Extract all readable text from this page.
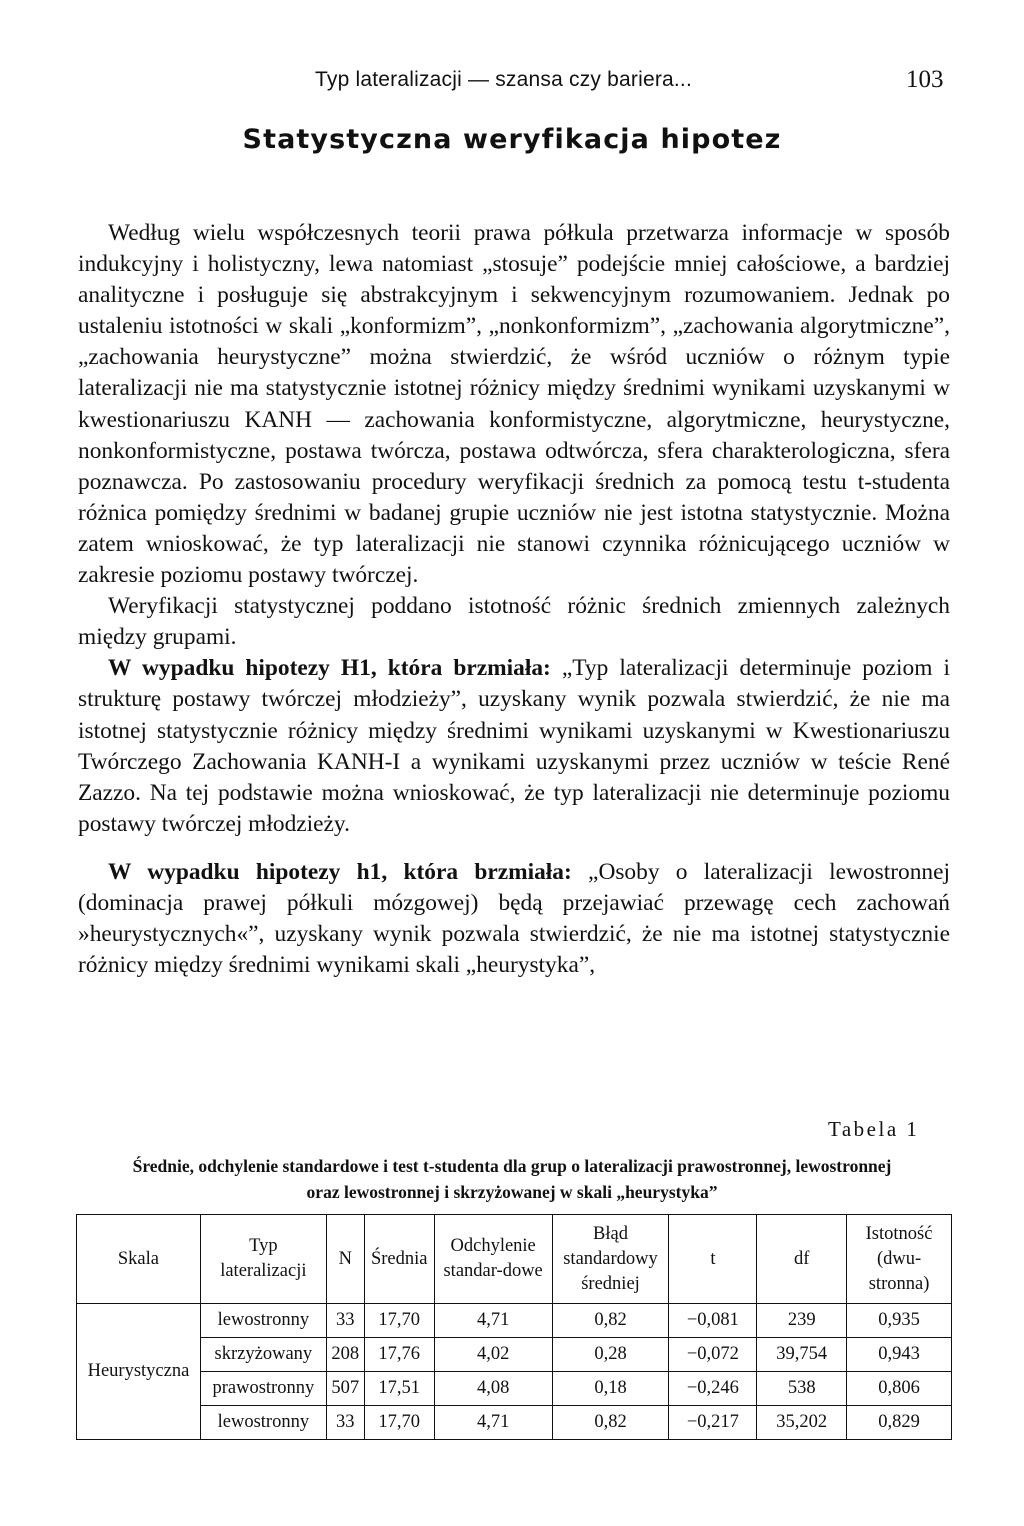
Typ lateralizacji — szansa czy bariera...	103
Statystyczna weryfikacja hipotez

Według wielu współczesnych teorii prawa półkula przetwarza informacje w sposób indukcyjny i holistyczny, lewa natomiast „stosuje” podejście mniej całościowe, a bardziej analityczne i posługuje się abstrakcyjnym i sekwencyjnym rozumowaniem. Jednak po ustaleniu istotności w skali „konformizm”, „nonkonformizm”, „zachowania algorytmiczne”, „zachowania heurystyczne” można stwierdzić, że wśród uczniów o różnym typie lateralizacji nie ma statystycznie istotnej różnicy między średnimi wynikami uzyskanymi w kwestionariuszu KANH — zachowania konformistyczne, algorytmiczne, heurystyczne, nonkonformistyczne, postawa twórcza, postawa odtwórcza, sfera charakterologiczna, sfera poznawcza. Po zastosowaniu procedury weryfikacji średnich za pomocą testu t-studenta różnica pomiędzy średnimi w badanej grupie uczniów nie jest istotna statystycznie. Można zatem wnioskować, że typ lateralizacji nie stanowi czynnika różnicującego uczniów w zakresie poziomu postawy twórczej.

Weryfikacji statystycznej poddano istotność różnic średnich zmiennych zależnych między grupami.

W wypadku hipotezy H1, która brzmiała: „Typ lateralizacji determinuje poziom i strukturę postawy twórczej młodzieży”, uzyskany wynik pozwala stwierdzić, że nie ma istotnej statystycznie różnicy między średnimi wynikami uzyskanymi w Kwestionariuszu Twórczego Zachowania KANH-I a wynikami uzyskanymi przez uczniów w teście René Zazzo. Na tej podstawie można wnioskować, że typ lateralizacji nie determinuje poziomu postawy twórczej młodzieży.

W wypadku hipotezy h1, która brzmiała: „Osoby o lateralizacji lewostronnej (dominacja prawej półkuli mózgowej) będą przejawiać przewagę cech zachowań »heurystycznych«”, uzyskany wynik pozwala stwierdzić, że nie ma istotnej statystycznie różnicy między średnimi wynikami skali „heurystyka”,

Tabela 1
Średnie, odchylenie standardowe i test t-studenta dla grup o lateralizacji prawostronnej, lewostronnej
oraz lewostronnej i skrzyżowanej w skali „heurystyka”
Skala	Typ lateralizacji	N	Średnia	Odchylenie standar-dowe	Błąd standardowy średniej	t	df	Istotność (dwu-stronna)
Heurystyczna	lewostronny	33	17,70	4,71	0,82	−0,081	239	0,935
	skrzyżowany	208	17,76	4,02	0,28	−0,072	39,754	0,943
	prawostronny	507	17,51	4,08	0,18	−0,246	538	0,806
	lewostronny	33	17,70	4,71	0,82	−0,217	35,202	0,829
